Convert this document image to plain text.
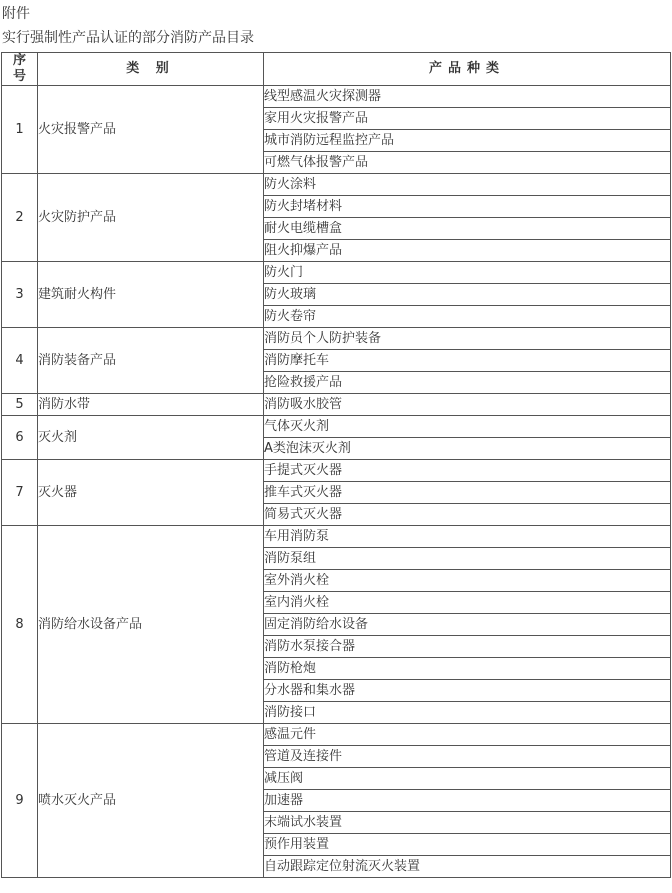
附件
实行强制性产品认证的部分消防产品目录
序
号	类 别	产品种类
1	火灾报警产品	线型感温火灾探测器
		家用火灾报警产品
		城市消防远程监控产品
		可燃气体报警产品
2	火灾防护产品	防火涂料
		防火封堵材料
		耐火电缆槽盒
		阻火抑爆产品
3	建筑耐火构件	防火门
		防火玻璃
		防火卷帘
4	消防装备产品	消防员个人防护装备
		消防摩托车
		抢险救援产品
5	消防水带	消防吸水胶管
6	灭火剂	气体灭火剂
		A类泡沫灭火剂
7	灭火器	手提式灭火器
		推车式灭火器
		简易式灭火器
8	消防给水设备产品	车用消防泵
		消防泵组
		室外消火栓
		室内消火栓
		固定消防给水设备
		消防水泵接合器
		消防枪炮
		分水器和集水器
		消防接口
9	喷水灭火产品	感温元件
		管道及连接件
		减压阀
		加速器
		末端试水装置
		预作用装置
		自动跟踪定位射流灭火装置
